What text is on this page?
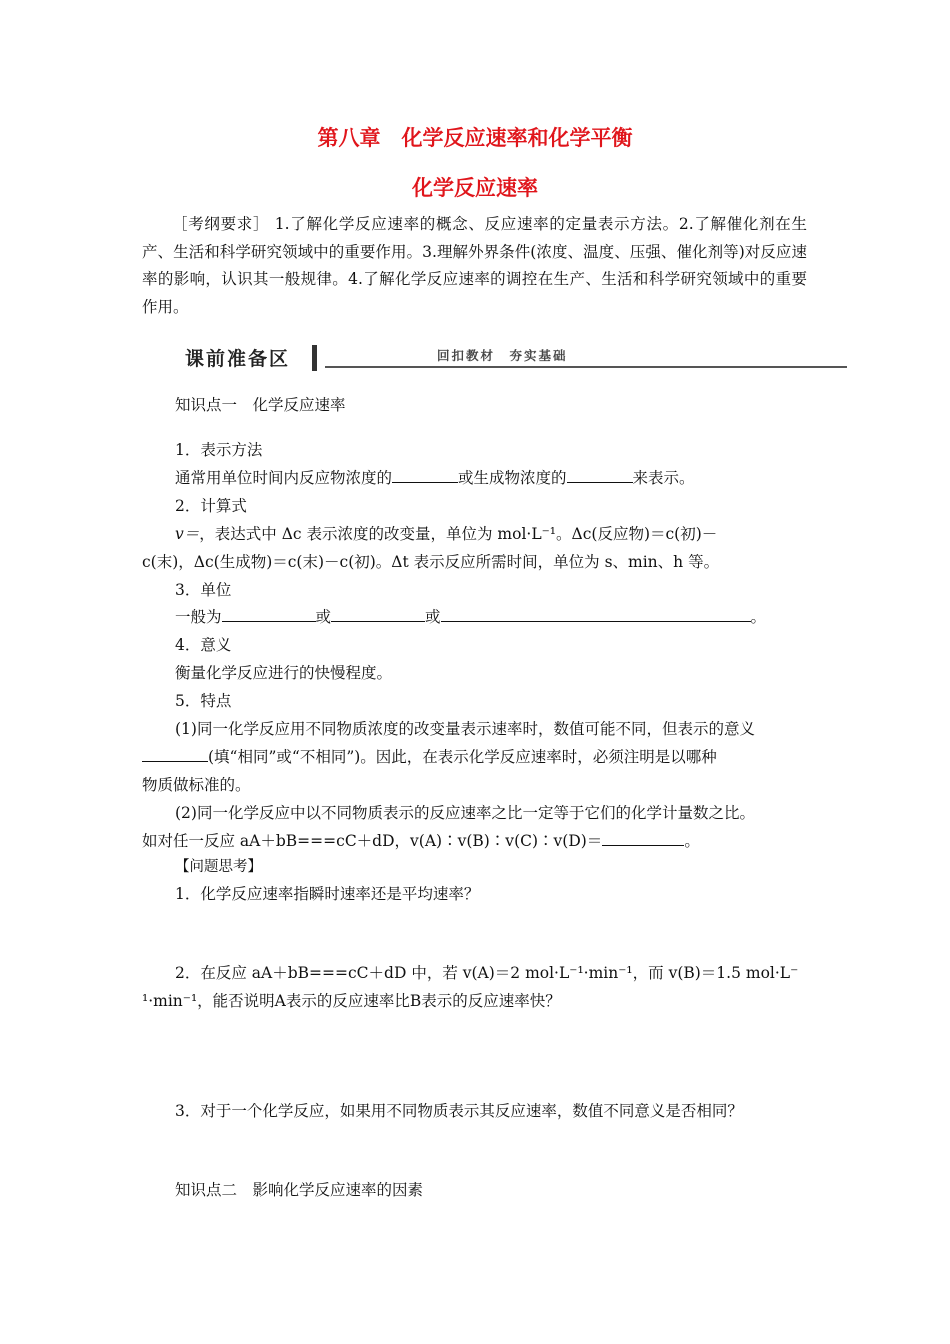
第八章　化学反应速率和化学平衡
化学反应速率
［考纲要求］ 1.了解化学反应速率的概念、反应速率的定量表示方法。2.了解催化剂在生产、生活和科学研究领域中的重要作用。3.理解外界条件(浓度、温度、压强、催化剂等)对反应速率的影响，认识其一般规律。4.了解化学反应速率的调控在生产、生活和科学研究领域中的重要作用。
课前准备区	回扣教材　夯实基础
知识点一　化学反应速率
1．表示方法
通常用单位时间内反应物浓度的	或生成物浓度的	来表示。
2．计算式
v＝，表达式中 Δc 表示浓度的改变量，单位为 mol·L⁻¹。Δc(反应物)＝c(初)－
c(末)，Δc(生成物)＝c(末)－c(初)。Δt 表示反应所需时间，单位为 s、min、h 等。
3．单位
一般为	或	或	。
4．意义
衡量化学反应进行的快慢程度。
5．特点
(1)同一化学反应用不同物质浓度的改变量表示速率时，数值可能不同，但表示的意义
(填“相同”或“不相同”)。因此，在表示化学反应速率时，必须注明是以哪种
物质做标准的。
(2)同一化学反应中以不同物质表示的反应速率之比一定等于它们的化学计量数之比。
如对任一反应 aA＋bB===cC＋dD，v(A)∶v(B)∶v(C)∶v(D)＝	。
【问题思考】
1．化学反应速率指瞬时速率还是平均速率？
2．在反应 aA＋bB===cC＋dD 中，若 v(A)＝2 mol·L⁻¹·min⁻¹，而 v(B)＝1.5 mol·L⁻
¹·min⁻¹，能否说明A表示的反应速率比B表示的反应速率快？
3．对于一个化学反应，如果用不同物质表示其反应速率，数值不同意义是否相同？
知识点二　影响化学反应速率的因素
